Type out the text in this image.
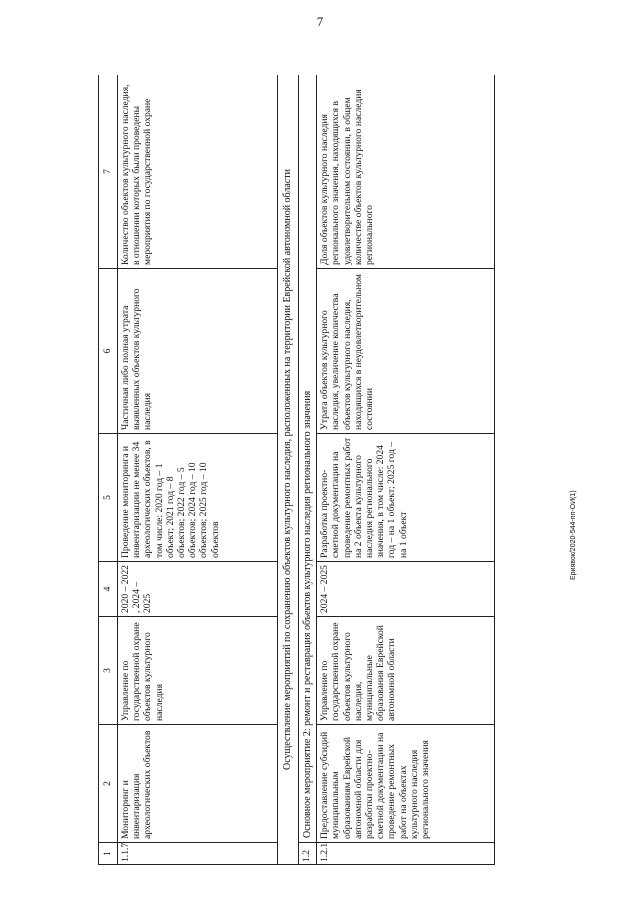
7
Ериявок/2020-544-пп-ОИ(1)
1	2	3	4	5	6	7
1.1.7	Мониторинг и инвентаризация археологических объектов	Управление по государственной охране объектов культурного наследия	2020 – 2022 , 2024 – 2025	Проведение мониторинга и инвентаризации не менее 34 археологических объектов, в том числе: 2020 год – 1 объект; 2021 год – 8 объектов; 2022 год – 5 объектов; 2024 год – 10 объектов; 2025 год – 10 объектов	Частичная либо полная утрата выявленных объектов культурного наследия	Количество объектов культурного наследия, в отношении которых были проведены мероприятия по государственной охране
Осуществление мероприятий по сохранению объектов культурного наследия, расположенных на территории Еврейской автономной области						
1.2	Основное мероприятие 2: ремонт и реставрация объектов культурного наследия регионального значения					
1.2.1	Предоставление субсидий муниципальным образованиям Еврейской автономной области для разработки проектно-сметной документации на проведение ремонтных работ на объектах культурного наследия регионального значения	Управление по государственной охране объектов культурного наследия, муниципальные образования Еврейской автономной области	2024 – 2025	Разработка проектно-сметной документации на проведение ремонтных работ на 2 объекта культурного наследия регионального значения, в том числе: 2024 год – на 1 объект; 2025 год – на 1 объект	Утрата объектов культурного наследия, увеличение количества объектов культурного наследия, находящихся в неудовлетворительном состоянии	Доля объектов культурного наследия регионального значения, находящихся в удовлетворительном состоянии, в общем количестве объектов культурного наследия регионального
